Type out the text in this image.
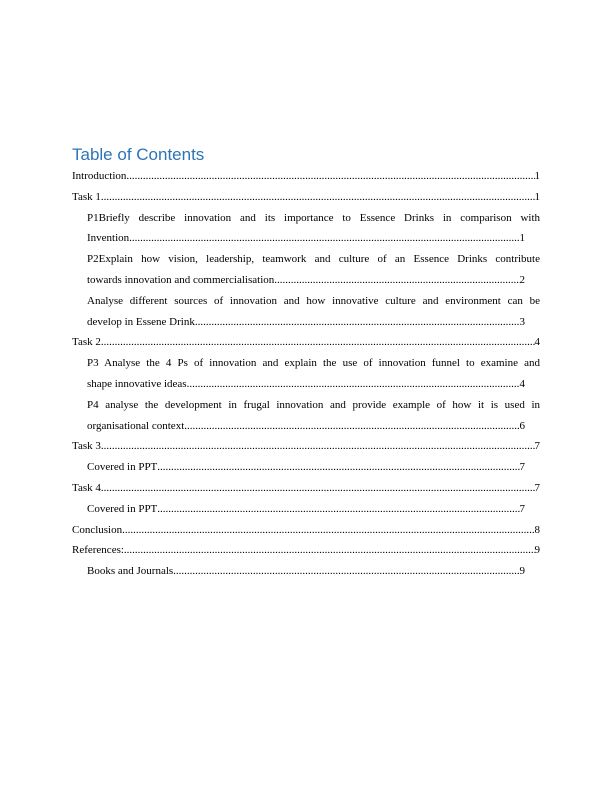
Table of Contents
Introduction .....	1
Task 1 .....	1
P1Briefly describe innovation and its importance to Essence Drinks in comparison with
Invention .....	1
P2Explain how vision, leadership, teamwork and culture of an Essence Drinks contribute
towards innovation and commercialisation .....	2
Analyse different sources of innovation and how innovative culture and environment can be
develop in Essene Drink .....	3
Task 2 .....	4
P3 Analyse the 4 Ps of innovation and explain the use of innovation funnel to examine and
shape innovative ideas .....	4
P4 analyse the development in frugal innovation and provide example of how it is used in
organisational context .....	6
Task 3 .....	7
Covered in PPT .....	7
Task 4 .....	7
Covered in PPT .....	7
Conclusion .....	8
References: .....	9
Books and Journals .....	9
